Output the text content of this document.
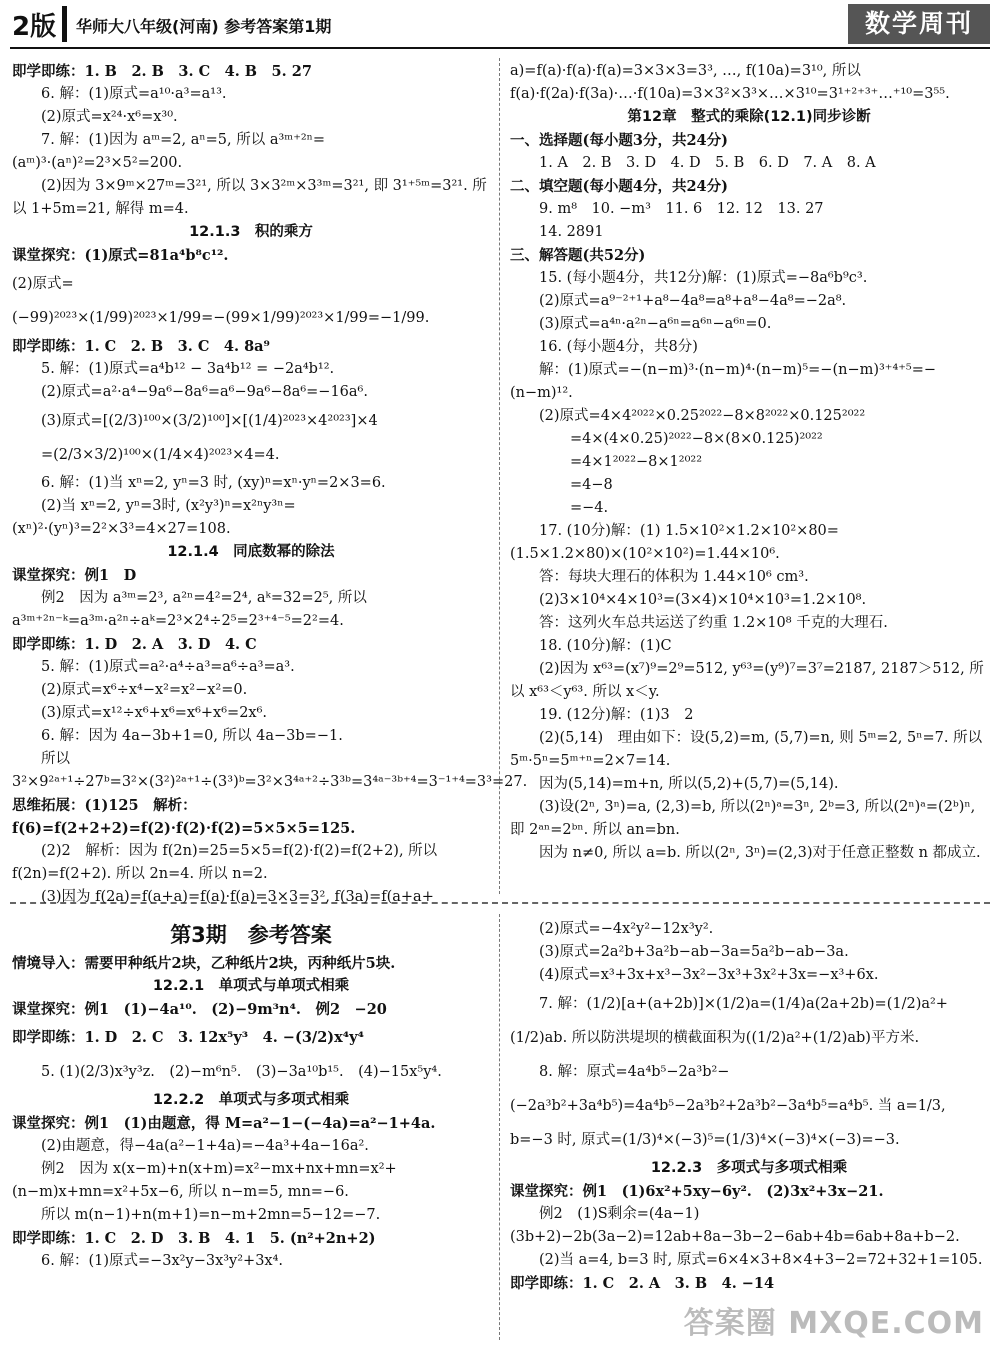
2版 华师大八年级(河南) 参考答案第1期	数学周刊

即学即练：1. B　2. B　3. C　4. B　5. 27

6. 解：(1)原式=a¹⁰·a³=a¹³.

(2)原式=x²⁴·x⁶=x³⁰.

7. 解：(1)因为 aᵐ=2, aⁿ=5, 所以 a³ᵐ⁺²ⁿ=(aᵐ)³·(aⁿ)²=2³×5²=200.

(2)因为 3×9ᵐ×27ᵐ=3²¹, 所以 3×3²ᵐ×3³ᵐ=3²¹, 即 3¹⁺⁵ᵐ=3²¹. 所以 1+5m=21, 解得 m=4.

12.1.3　积的乘方

课堂探究：(1)原式=81a⁴b⁸c¹².

(2)原式=(−99)²⁰²³×(1/99)²⁰²³×1/99=−(99×1/99)²⁰²³×1/99=−1/99.

即学即练：1. C　2. B　3. C　4. 8a⁹

5. 解：(1)原式=a⁴b¹² − 3a⁴b¹² = −2a⁴b¹².

(2)原式=a²·a⁴−9a⁶−8a⁶=a⁶−9a⁶−8a⁶=−16a⁶.

(3)原式=[(2/3)¹⁰⁰×(3/2)¹⁰⁰]×[(1/4)²⁰²³×4²⁰²³]×4

=(2/3×3/2)¹⁰⁰×(1/4×4)²⁰²³×4=4.

6. 解：(1)当 xⁿ=2, yⁿ=3 时, (xy)ⁿ=xⁿ·yⁿ=2×3=6.

(2)当 xⁿ=2, yⁿ=3时, (x²y³)ⁿ=x²ⁿy³ⁿ=(xⁿ)²·(yⁿ)³=2²×3³=4×27=108.

12.1.4　同底数幂的除法

课堂探究：例1　D

例2　因为 a³ᵐ=2³, a²ⁿ=4²=2⁴, aᵏ=32=2⁵, 所以 a³ᵐ⁺²ⁿ⁻ᵏ=a³ᵐ·a²ⁿ÷aᵏ=2³×2⁴÷2⁵=2³⁺⁴⁻⁵=2²=4.

即学即练：1. D　2. A　3. D　4. C

5. 解：(1)原式=a²·a⁴÷a³=a⁶÷a³=a³.

(2)原式=x⁶÷x⁴−x²=x²−x²=0.

(3)原式=x¹²÷x⁶+x⁶=x⁶+x⁶=2x⁶.

6. 解：因为 4a−3b+1=0, 所以 4a−3b=−1.

所以 3²×9²ᵃ⁺¹÷27ᵇ=3²×(3²)²ᵃ⁺¹÷(3³)ᵇ=3²×3⁴ᵃ⁺²÷3³ᵇ=3⁴ᵃ⁻³ᵇ⁺⁴=3⁻¹⁺⁴=3³=27.

思维拓展：(1)125　解析：f(6)=f(2+2+2)=f(2)·f(2)·f(2)=5×5×5=125.

(2)2　解析：因为 f(2n)=25=5×5=f(2)·f(2)=f(2+2), 所以 f(2n)=f(2+2). 所以 2n=4. 所以 n=2.

(3)因为 f(2a)=f(a+a)=f(a)·f(a)=3×3=3², f(3a)=f(a+a+

a)=f(a)·f(a)·f(a)=3×3×3=3³, …, f(10a)=3¹⁰, 所以 f(a)·f(2a)·f(3a)·…·f(10a)=3×3²×3³×…×3¹⁰=3¹⁺²⁺³⁺…⁺¹⁰=3⁵⁵.

第12章　整式的乘除(12.1)同步诊断

一、选择题(每小题3分，共24分)

1. A　2. B　3. D　4. D　5. B　6. D　7. A　8. A

二、填空题(每小题4分，共24分)

9. m⁸　10. −m³　11. 6　12. 12　13. 27

14. 2891

三、解答题(共52分)

15. (每小题4分，共12分)解：(1)原式=−8a⁶b⁹c³.

(2)原式=a⁹⁻²⁺¹+a⁸−4a⁸=a⁸+a⁸−4a⁸=−2a⁸.

(3)原式=a⁴ⁿ·a²ⁿ−a⁶ⁿ=a⁶ⁿ−a⁶ⁿ=0.

16. (每小题4分，共8分)

解：(1)原式=−(n−m)³·(n−m)⁴·(n−m)⁵=−(n−m)³⁺⁴⁺⁵=−(n−m)¹².

(2)原式=4×4²⁰²²×0.25²⁰²²−8×8²⁰²²×0.125²⁰²²

=4×(4×0.25)²⁰²²−8×(8×0.125)²⁰²²

=4×1²⁰²²−8×1²⁰²²

=4−8

=−4.

17. (10分)解：(1) 1.5×10²×1.2×10²×80=(1.5×1.2×80)×(10²×10²)=1.44×10⁶.

答：每块大理石的体积为 1.44×10⁶ cm³.

(2)3×10⁴×4×10³=(3×4)×10⁴×10³=1.2×10⁸.

答：这列火车总共运送了约重 1.2×10⁸ 千克的大理石.

18. (10分)解：(1)C

(2)因为 x⁶³=(x⁷)⁹=2⁹=512, y⁶³=(y⁹)⁷=3⁷=2187, 2187＞512, 所以 x⁶³＜y⁶³. 所以 x＜y.

19. (12分)解：(1)3　2

(2)(5,14)　理由如下：设(5,2)=m, (5,7)=n, 则 5ᵐ=2, 5ⁿ=7. 所以 5ᵐ·5ⁿ=5ᵐ⁺ⁿ=2×7=14.

因为(5,14)=m+n, 所以(5,2)+(5,7)=(5,14).

(3)设(2ⁿ, 3ⁿ)=a, (2,3)=b, 所以(2ⁿ)ᵃ=3ⁿ, 2ᵇ=3, 所以(2ⁿ)ᵃ=(2ᵇ)ⁿ, 即 2ᵃⁿ=2ᵇⁿ. 所以 an=bn.

因为 n≠0, 所以 a=b. 所以(2ⁿ, 3ⁿ)=(2,3)对于任意正整数 n 都成立.

第3期　参考答案

情境导入：需要甲种纸片2块，乙种纸片2块，丙种纸片5块.

12.2.1　单项式与单项式相乘

课堂探究：例1　(1)−4a¹⁰.　(2)−9m³n⁴.　例2　−20

即学即练：1. D　2. C　3. 12x⁵y³　4. −(3/2)x⁴y⁴

5. (1)(2/3)x³y³z.　(2)−m⁶n⁵.　(3)−3a¹⁰b¹⁵.　(4)−15x⁵y⁴.

12.2.2　单项式与多项式相乘

课堂探究：例1　(1)由题意，得 M=a²−1−(−4a)=a²−1+4a.

(2)由题意，得−4a(a²−1+4a)=−4a³+4a−16a².

例2　因为 x(x−m)+n(x+m)=x²−mx+nx+mn=x²+(n−m)x+mn=x²+5x−6, 所以 n−m=5, mn=−6.

所以 m(n−1)+n(m+1)=n−m+2mn=5−12=−7.

即学即练：1. C　2. D　3. B　4. 1　5. (n²+2n+2)

6. 解：(1)原式=−3x²y−3x³y²+3x⁴.

(2)原式=−4x²y²−12x³y².

(3)原式=2a²b+3a²b−ab−3a=5a²b−ab−3a.

(4)原式=x³+3x+x³−3x²−3x³+3x²+3x=−x³+6x.

7. 解：(1/2)[a+(a+2b)]×(1/2)a=(1/4)a(2a+2b)=(1/2)a²+(1/2)ab. 所以防洪堤坝的横截面积为((1/2)a²+(1/2)ab)平方米.

8. 解：原式=4a⁴b⁵−2a³b²−(−2a³b²+3a⁴b⁵)=4a⁴b⁵−2a³b²+2a³b²−3a⁴b⁵=a⁴b⁵. 当 a=1/3, b=−3 时, 原式=(1/3)⁴×(−3)⁵=(1/3)⁴×(−3)⁴×(−3)=−3.

12.2.3　多项式与多项式相乘

课堂探究：例1　(1)6x²+5xy−6y².　(2)3x²+3x−21.

例2　(1)S剩余=(4a−1)(3b+2)−2b(3a−2)=12ab+8a−3b−2−6ab+4b=6ab+8a+b−2.

(2)当 a=4, b=3 时, 原式=6×4×3+8×4+3−2=72+32+1=105.

即学即练：1. C　2. A　3. B　4. −14

答案圈 MXQE.COM
